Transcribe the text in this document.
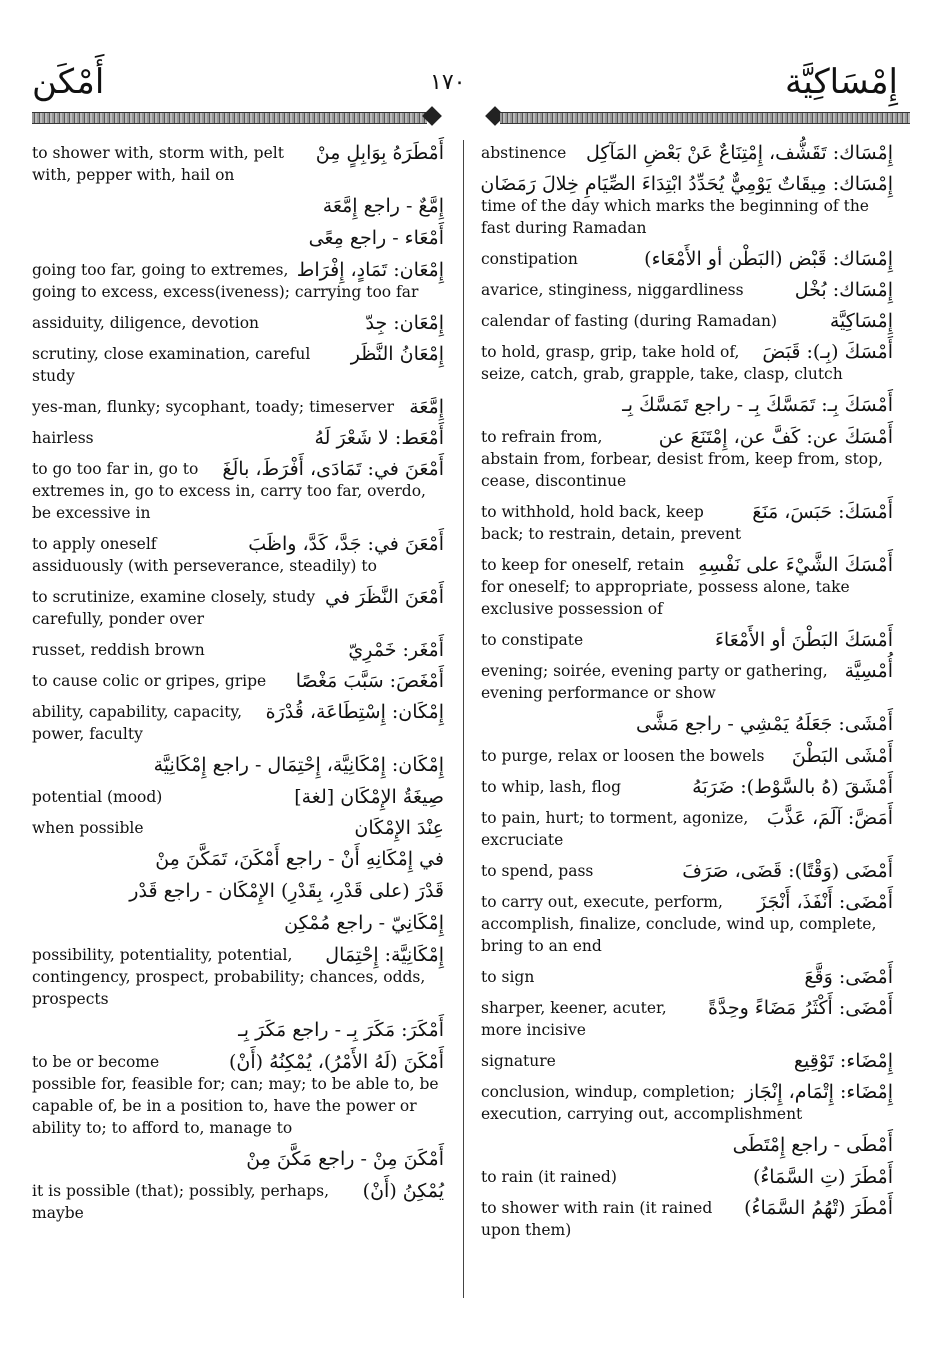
أَمْكَن	١٧٠	إِمْسَاكِيَّة
أَمْطَرَهُ بِوَابِلٍ مِنْ
to shower with, storm with, pelt with, pepper with, hail on
إِمَّعٌ - راجع إِمَّعَة
أَمْعَاء - راجع مِعًى
إِمْعَان: تَمَادٍ، إِفْرَاط
going too far, going to extremes, going to excess, excess(iveness); carrying too far
إِمْعَان: جِدّ
assiduity, diligence, devotion
إِمْعَانُ النَّظَر
scrutiny, close examination, careful study
إِمَّعَة
yes-man, flunky; sycophant, toady; timeserver
أَمْعَط: لا شَعْرَ لَهُ
hairless
أَمْعَنَ في: تَمَادَى، أَفْرَطَ، بالَغَ
to go too far in, go to extremes in, go to excess in, carry too far, overdo, be excessive in
أَمْعَنَ في: جَدَّ، كَدَّ، واظَبَ
to apply oneself assiduously (with perseverance, steadily) to
أَمْعَنَ النَّظَرَ في
to scrutinize, examine closely, study carefully, ponder over
أَمْغَر: خَمْرِيّ
russet, reddish brown
أَمْغَصَ: سَبَّبَ مَغْصًا
to cause colic or gripes, gripe
إِمْكَان: إِسْتِطَاعَة، قُدْرَة
ability, capability, capacity, power, faculty
إِمْكَان: إِمْكَانِيَّة، إِحْتِمَال - راجع إِمْكَانِيَّة
صِيغَةُ الإِمْكَان [لغة]
potential (mood)
عِنْدَ الإِمْكَان
when possible
في إِمْكَانِهِ أَنْ - راجع أَمْكَنَ، تَمَكَّنَ مِنْ
قَدْرَ (على قَدْرِ، بِقَدْرِ) الإِمْكَان - راجع قَدْر
إِمْكَانِيّ - راجع مُمْكِن
إِمْكَانِيَّة: إِحْتِمَال
possibility, potentiality, potential, contingency, prospect, probability; chances, odds, prospects
أَمْكَرَ: مَكَرَ بِـ - راجع مَكَرَ بِـ
أَمْكَنَ (لَهُ الأَمْرُ)، يُمْكِنُهُ (أَنْ)
to be or become possible for, feasible for; can; may; to be able to, be capable of, be in a position to, have the power or ability to; to afford to, manage to
أَمْكَنَ مِنْ - راجع مَكَّنَ مِنْ
يُمْكِنُ (أَنْ)
it is possible (that); possibly, perhaps, maybe
إِمْسَاك: تَقَشُّف، إِمْتِنَاعٌ عَنْ بَعْضِ المَآكِل
abstinence
إِمْسَاك: مِيقَاتٌ يَوْمِيٌّ يُحَدِّدُ ابْتِدَاءَ الصِّيَامِ خِلالَ رَمَضَان
time of the day which marks the beginning of the fast during Ramadan
إِمْسَاك: قَبْض (البَطْن أو الأَمْعَاء)
constipation
إِمْسَاك: بُخْل
avarice, stinginess, niggardliness
إِمْسَاكِيَّة
calendar of fasting (during Ramadan)
أَمْسَكَ (بِـ): قَبَضَ
to hold, grasp, grip, take hold of, seize, catch, grab, grapple, take, clasp, clutch
أَمْسَكَ بِـ: تَمَسَّكَ بِـ - راجع تَمَسَّكَ بِـ
أَمْسَكَ عن: كَفَّ عن، إِمْتَنَعَ عن
to refrain from, abstain from, forbear, desist from, keep from, stop, cease, discontinue
أَمْسَكَ: حَبَسَ، مَنَعَ
to withhold, hold back, keep back; to restrain, detain, prevent
أَمْسَكَ الشَّيْءَ على نَفْسِهِ
to keep for oneself, retain for oneself; to appropriate, possess alone, take exclusive possession of
أَمْسَكَ البَطْنَ أو الأَمْعَاءَ
to constipate
أُمْسِيَّة
evening; soirée, evening party or gathering, evening performance or show
أَمْشَى: جَعَلَهُ يَمْشِي - راجع مَشَّى
أَمْشَى البَطْنَ
to purge, relax or loosen the bowels
أَمْشَقَ (هُ بالسَّوْط): ضَرَبَهُ
to whip, lash, flog
أَمَضَّ: آلَمَ، عَذَّبَ
to pain, hurt; to torment, agonize, excruciate
أَمْضَى (وَقْتًا): قَضَى، صَرَفَ
to spend, pass
أَمْضَى: أَنْفَذَ، أَنْجَزَ
to carry out, execute, perform, accomplish, finalize, conclude, wind up, complete, bring to an end
أَمْضَى: وَقَّعَ
to sign
أَمْضَى: أَكْثَرُ مَضَاءً وحِدَّةً
sharper, keener, acuter, more incisive
إِمْضَاء: تَوْقِيع
signature
إِمْضَاء: إِتْمَام، إِنْجَاز
conclusion, windup, completion; execution, carrying out, accomplishment
أَمْطَى - راجع إِمْتَطَى
أَمْطَرَ (تِ السَّمَاءُ)
to rain (it rained)
أَمْطَرَ (تْهُمُ السَّمَاءُ)
to shower with rain (it rained upon them)
